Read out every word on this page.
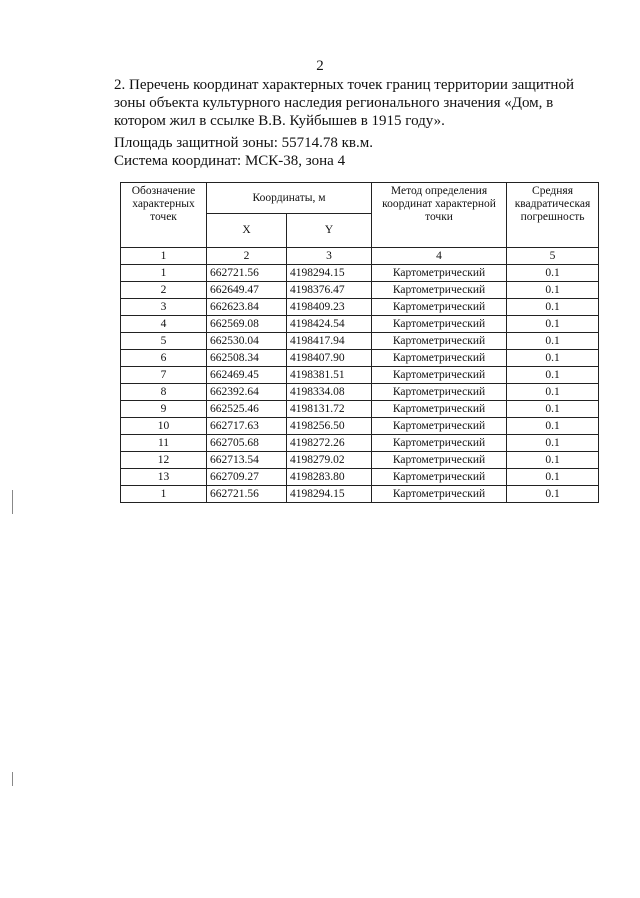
2
2. Перечень координат характерных точек границ территории защитной зоны объекта культурного наследия регионального значения «Дом, в котором жил в ссылке В.В. Куйбышев в 1915 году».
Площадь защитной зоны: 55714.78 кв.м.
Система координат: МСК-38, зона 4
Обозначение характерных точек	Координаты, м		Метод определения координат характерной точки	Средняя квадратическая погрешность
	X	Y		
1	2	3	4	5
1	662721.56	4198294.15	Картометрический	0.1
2	662649.47	4198376.47	Картометрический	0.1
3	662623.84	4198409.23	Картометрический	0.1
4	662569.08	4198424.54	Картометрический	0.1
5	662530.04	4198417.94	Картометрический	0.1
6	662508.34	4198407.90	Картометрический	0.1
7	662469.45	4198381.51	Картометрический	0.1
8	662392.64	4198334.08	Картометрический	0.1
9	662525.46	4198131.72	Картометрический	0.1
10	662717.63	4198256.50	Картометрический	0.1
11	662705.68	4198272.26	Картометрический	0.1
12	662713.54	4198279.02	Картометрический	0.1
13	662709.27	4198283.80	Картометрический	0.1
1	662721.56	4198294.15	Картометрический	0.1
